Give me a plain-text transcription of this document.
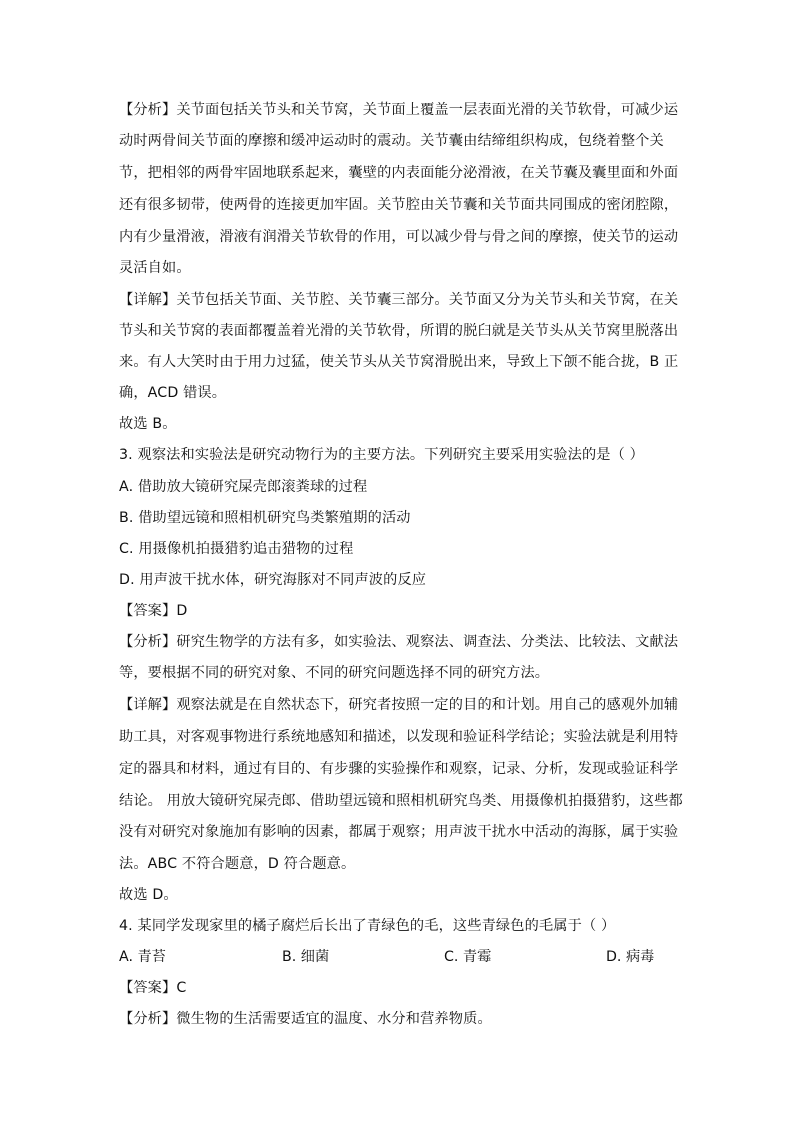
【分析】关节面包括关节头和关节窝，关节面上覆盖一层表面光滑的关节软骨，可减少运
动时两骨间关节面的摩擦和缓冲运动时的震动。关节囊由结缔组织构成，包绕着整个关
节，把相邻的两骨牢固地联系起来，囊壁的内表面能分泌滑液，在关节囊及囊里面和外面
还有很多韧带，使两骨的连接更加牢固。关节腔由关节囊和关节面共同围成的密闭腔隙，
内有少量滑液，滑液有润滑关节软骨的作用，可以减少骨与骨之间的摩擦，使关节的运动
灵活自如。
【详解】关节包括关节面、关节腔、关节囊三部分。关节面又分为关节头和关节窝，在关
节头和关节窝的表面都覆盖着光滑的关节软骨，所谓的脱臼就是关节头从关节窝里脱落出
来。有人大笑时由于用力过猛，使关节头从关节窝滑脱出来，导致上下颌不能合拢，B 正
确，ACD 错误。
故选 B。
3. 观察法和实验法是研究动物行为的主要方法。下列研究主要采用实验法的是（ ）
A. 借助放大镜研究屎壳郎滚粪球的过程
B. 借助望远镜和照相机研究鸟类繁殖期的活动
C. 用摄像机拍摄猎豹追击猎物的过程
D. 用声波干扰水体，研究海豚对不同声波的反应
【答案】D
【分析】研究生物学的方法有多，如实验法、观察法、调查法、分类法、比较法、文献法
等，要根据不同的研究对象、不同的研究问题选择不同的研究方法。
【详解】观察法就是在自然状态下，研究者按照一定的目的和计划。用自己的感观外加辅
助工具，对客观事物进行系统地感知和描述，以发现和验证科学结论；实验法就是利用特
定的器具和材料，通过有目的、有步骤的实验操作和观察，记录、分析，发现或验证科学
结论。 用放大镜研究屎壳郎、借助望远镜和照相机研究鸟类、用摄像机拍摄猎豹，这些都
没有对研究对象施加有影响的因素，都属于观察；用声波干扰水中活动的海豚，属于实验
法。ABC 不符合题意，D 符合题意。
故选 D。
4. 某同学发现家里的橘子腐烂后长出了青绿色的毛，这些青绿色的毛属于（ ）
A. 青苔	B. 细菌	C. 青霉	D. 病毒
【答案】C
【分析】微生物的生活需要适宜的温度、水分和营养物质。
